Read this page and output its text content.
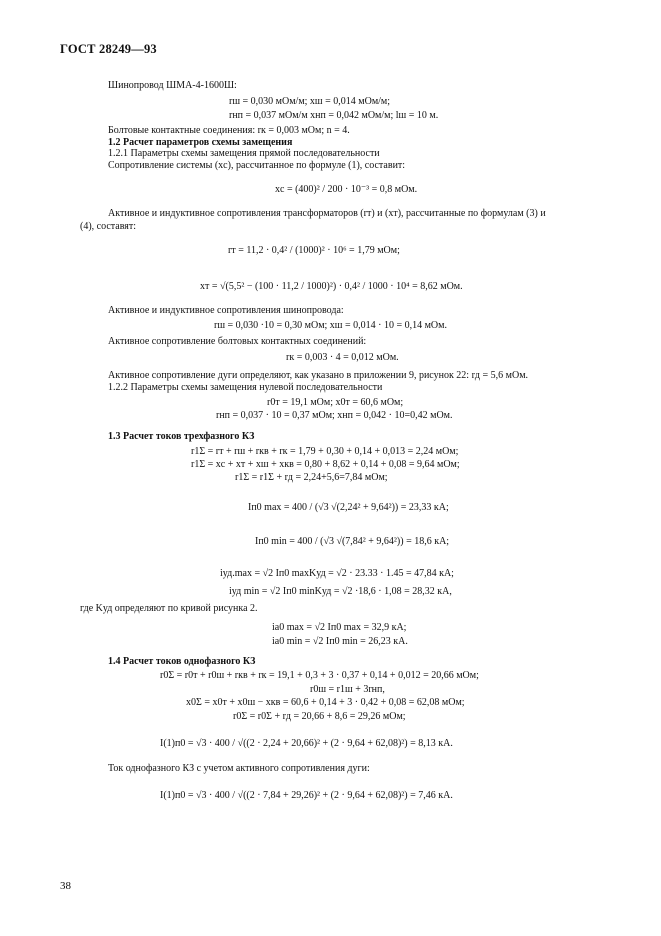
ГОСТ 28249—93
Шинопровод ШМА-4-1600Ш:
rш = 0,030 мОм/м; xш = 0,014 мОм/м;
rнп = 0,037 мОм/м xнп = 0,042 мОм/м; lш = 10 м.
Болтовые контактные соединения: rк = 0,003 мОм; n = 4.
1.2 Расчет параметров схемы замещения
1.2.1 Параметры схемы замещения прямой последовательности
Сопротивление системы (xс), рассчитанное по формуле (1), составит:
xс = (400)² / 200 · 10⁻³ = 0,8 мОм.
Активное и индуктивное сопротивления трансформаторов (rт) и (xт), рассчитанные по формулам (3) и
(4), составят:
rт = 11,2 · 0,4² / (1000)² · 10⁶ = 1,79 мОм;
xт = √(5,5² − (100 · 11,2 / 1000)²) · 0,4² / 1000 · 10⁴ = 8,62 мОм.
Активное и индуктивное сопротивления шинопровода:
rш = 0,030 ·10 = 0,30 мОм; xш = 0,014 · 10 = 0,14 мОм.
Активное сопротивление болтовых контактных соединений:
rк = 0,003 · 4 = 0,012 мОм.
Активное сопротивление дуги определяют, как указано в приложении 9, рисунок 22: rд = 5,6 мОм.
1.2.2 Параметры схемы замещения нулевой последовательности
r0т = 19,1 мОм; x0т = 60,6 мОм;
rнп = 0,037 · 10 = 0,37 мОм; xнп = 0,042 · 10=0,42 мОм.
1.3 Расчет токов трехфазного КЗ
r1Σ = rт + rш + rкв + rк = 1,79 + 0,30 + 0,14 + 0,013 = 2,24 мОм;
r1Σ = xс + xт + xш + xкв = 0,80 + 8,62 + 0,14 + 0,08 = 9,64 мОм;
r1Σ = r1Σ + rд = 2,24+5,6=7,84 мОм;
Iп0 max = 400 / (√3 √(2,24² + 9,64²)) = 23,33 кА;
Iп0 min = 400 / (√3 √(7,84² + 9,64²)) = 18,6 кА;
iуд.max = √2 Iп0 maxKуд = √2 · 23.33 · 1.45 = 47,84 кА;
iуд min = √2 Iп0 minKуд = √2 ·18,6 · 1,08 = 28,32 кА,
где Kуд определяют по кривой рисунка 2.
iа0 max = √2 Iп0 max = 32,9 кА;
iа0 min = √2 Iп0 min = 26,23 кА.
1.4 Расчет токов однофазного КЗ
r0Σ = r0т + r0ш + rкв + rк = 19,1 + 0,3 + 3 · 0,37 + 0,14 + 0,012 = 20,66 мОм;
r0ш = r1ш + 3rнп,
x0Σ = x0т + x0ш − xкв = 60,6 + 0,14 + 3 · 0,42 + 0,08 = 62,08 мОм;
r0Σ = r0Σ + rд = 20,66 + 8,6 = 29,26 мОм;
I(1)п0 = √3 · 400 / √((2 · 2,24 + 20,66)² + (2 · 9,64 + 62,08)²) = 8,13 кА.
Ток однофазного КЗ с учетом активного сопротивления дуги:
I(1)п0 = √3 · 400 / √((2 · 7,84 + 29,26)² + (2 · 9,64 + 62,08)²) = 7,46 кА.
38
